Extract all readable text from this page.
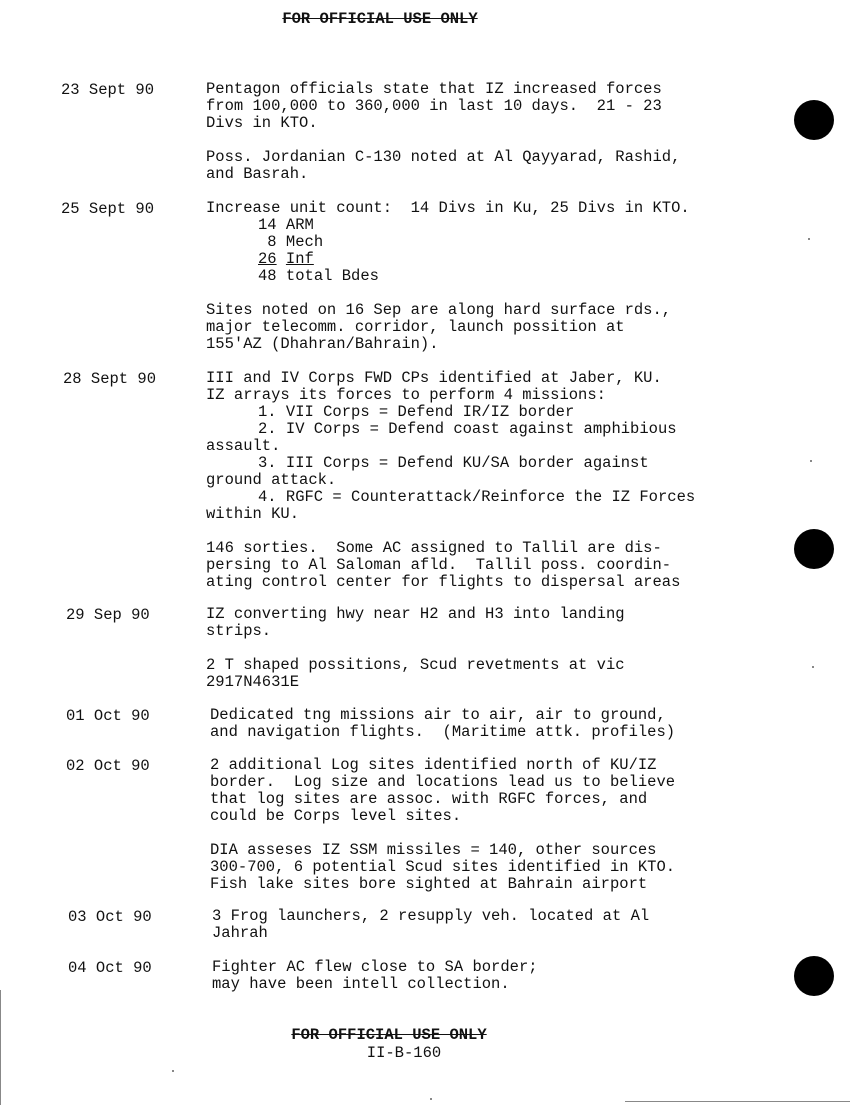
FOR OFFICIAL USE ONLY
23 Sept 90	Pentagon officials state that IZ increased forces
from 100,000 to 360,000 in last 10 days.  21 - 23
Divs in KTO.
Poss. Jordanian C-130 noted at Al Qayyarad, Rashid,
and Basrah.
25 Sept 90	Increase unit count:  14 Divs in Ku, 25 Divs in KTO.
14 ARM
8 Mech
26 Inf
48 total Bdes
Sites noted on 16 Sep are along hard surface rds.,
major telecomm. corridor, launch possition at
155'AZ (Dhahran/Bahrain).
28 Sept 90	III and IV Corps FWD CPs identified at Jaber, KU.
IZ arrays its forces to perform 4 missions:
1. VII Corps = Defend IR/IZ border
2. IV Corps = Defend coast against amphibious
assault.
3. III Corps = Defend KU/SA border against
ground attack.
4. RGFC = Counterattack/Reinforce the IZ Forces
within KU.
146 sorties.  Some AC assigned to Tallil are dis-
persing to Al Saloman afld.  Tallil poss. coordin-
ating control center for flights to dispersal areas
29 Sep 90	IZ converting hwy near H2 and H3 into landing
strips.
2 T shaped possitions, Scud revetments at vic
2917N4631E
01 Oct 90	Dedicated tng missions air to air, air to ground,
and navigation flights.  (Maritime attk. profiles)
02 Oct 90	2 additional Log sites identified north of KU/IZ
border.  Log size and locations lead us to believe
that log sites are assoc. with RGFC forces, and
could be Corps level sites.
DIA asseses IZ SSM missiles = 140, other sources
300-700, 6 potential Scud sites identified in KTO.
Fish lake sites bore sighted at Bahrain airport
03 Oct 90	3 Frog launchers, 2 resupply veh. located at Al
Jahrah
04 Oct 90	Fighter AC flew close to SA border;
may have been intell collection.
FOR OFFICIAL USE ONLY
II-B-160
